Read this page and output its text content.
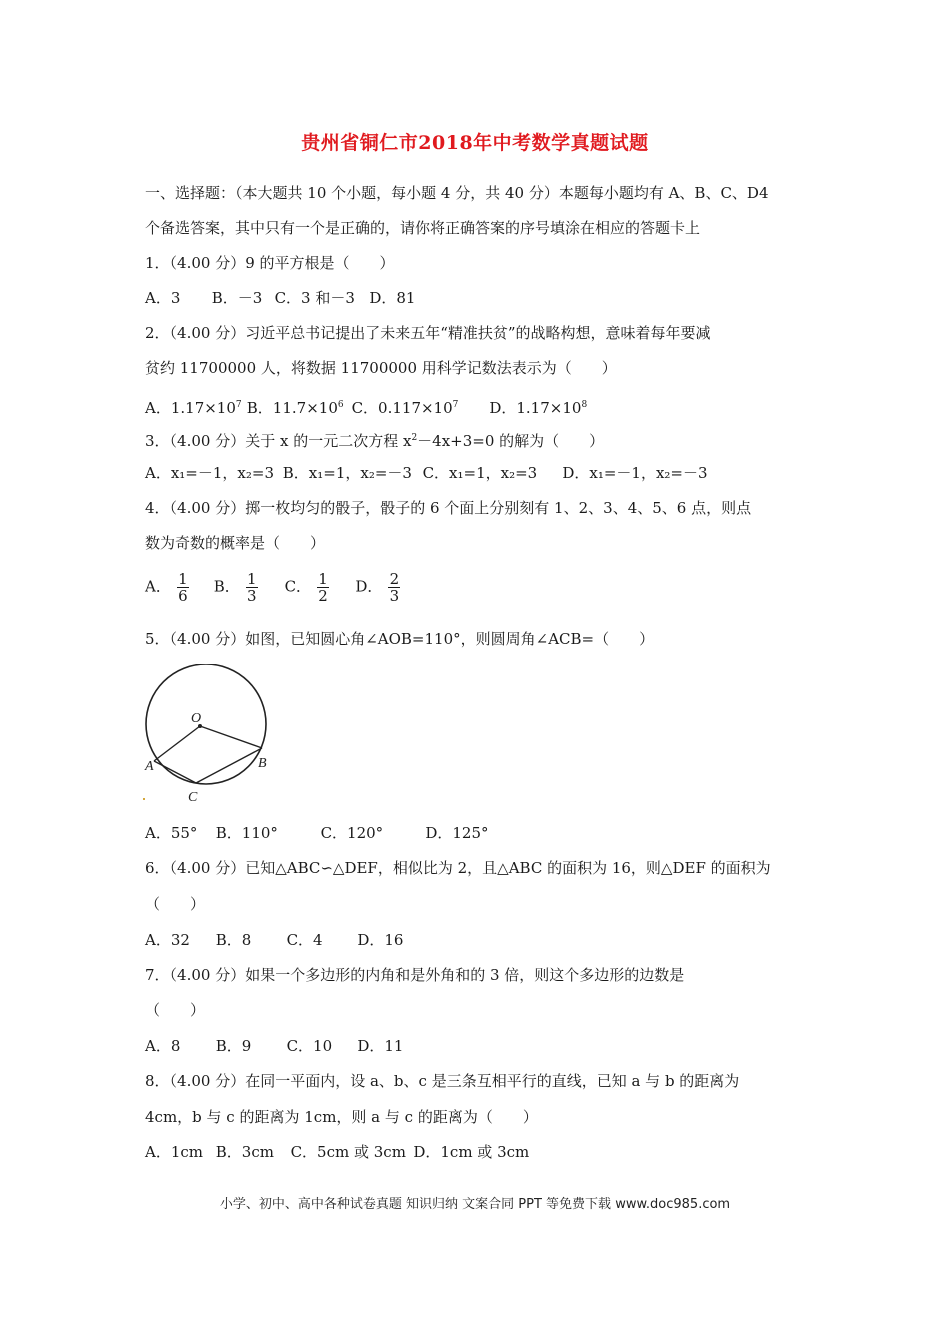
贵州省铜仁市2018年中考数学真题试题
一、选择题：（本大题共 10 个小题，每小题 4 分，共 40 分）本题每小题均有 A、B、C、D4
个备选答案，其中只有一个是正确的，请你将正确答案的序号填涂在相应的答题卡上
1．（4.00 分）9 的平方根是（　　）
A．3 B．－3 C．3 和－3 D．81
2．（4.00 分）习近平总书记提出了未来五年“精准扶贫”的战略构想，意味着每年要减
贫约 11700000 人，将数据 11700000 用科学记数法表示为（　　）
A．$1.17\times 10^7$ B．$11.7\times 10^6$ C．$0.117\times 10^7$ D．$1.17\times 10^8$
3．（4.00 分）关于 x 的一元二次方程 $x^2-4x+3=0$ 的解为（　　）
A．x₁=－1，x₂=3 B．x₁=1，x₂=－3 C．x₁=1，x₂=3 D．x₁=－1，x₂=－3
4．（4.00 分）掷一枚均匀的骰子，骰子的 6 个面上分别刻有 1、2、3、4、5、6 点，则点
数为奇数的概率是（　　）
A． $\frac{1}{6}$ B． $\frac{1}{3}$ C． $\frac{1}{2}$ D． $\frac{2}{3}$
5．（4.00 分）如图，已知圆心角∠AOB=110°，则圆周角∠ACB=（　　）
O
A	B
C
A．55° B．110°	C．120°	D．125°
6．（4.00 分）已知△ABC∽△DEF，相似比为 2，且△ABC 的面积为 16，则△DEF 的面积为
（　　）
A．32 B．8 C．4 D．16
7．（4.00 分）如果一个多边形的内角和是外角和的 3 倍，则这个多边形的边数是
（　　）
A．8 B．9 C．10 D．11
8．（4.00 分）在同一平面内，设 a、b、c 是三条互相平行的直线，已知 a 与 b 的距离为
4cm，b 与 c 的距离为 1cm，则 a 与 c 的距离为（　　）
A．1cm B．3cm C．5cm 或 3cm D．1cm 或 3cm
小学、初中、高中各种试卷真题 知识归纳 文案合同 PPT 等免费下载 www.doc985.com
